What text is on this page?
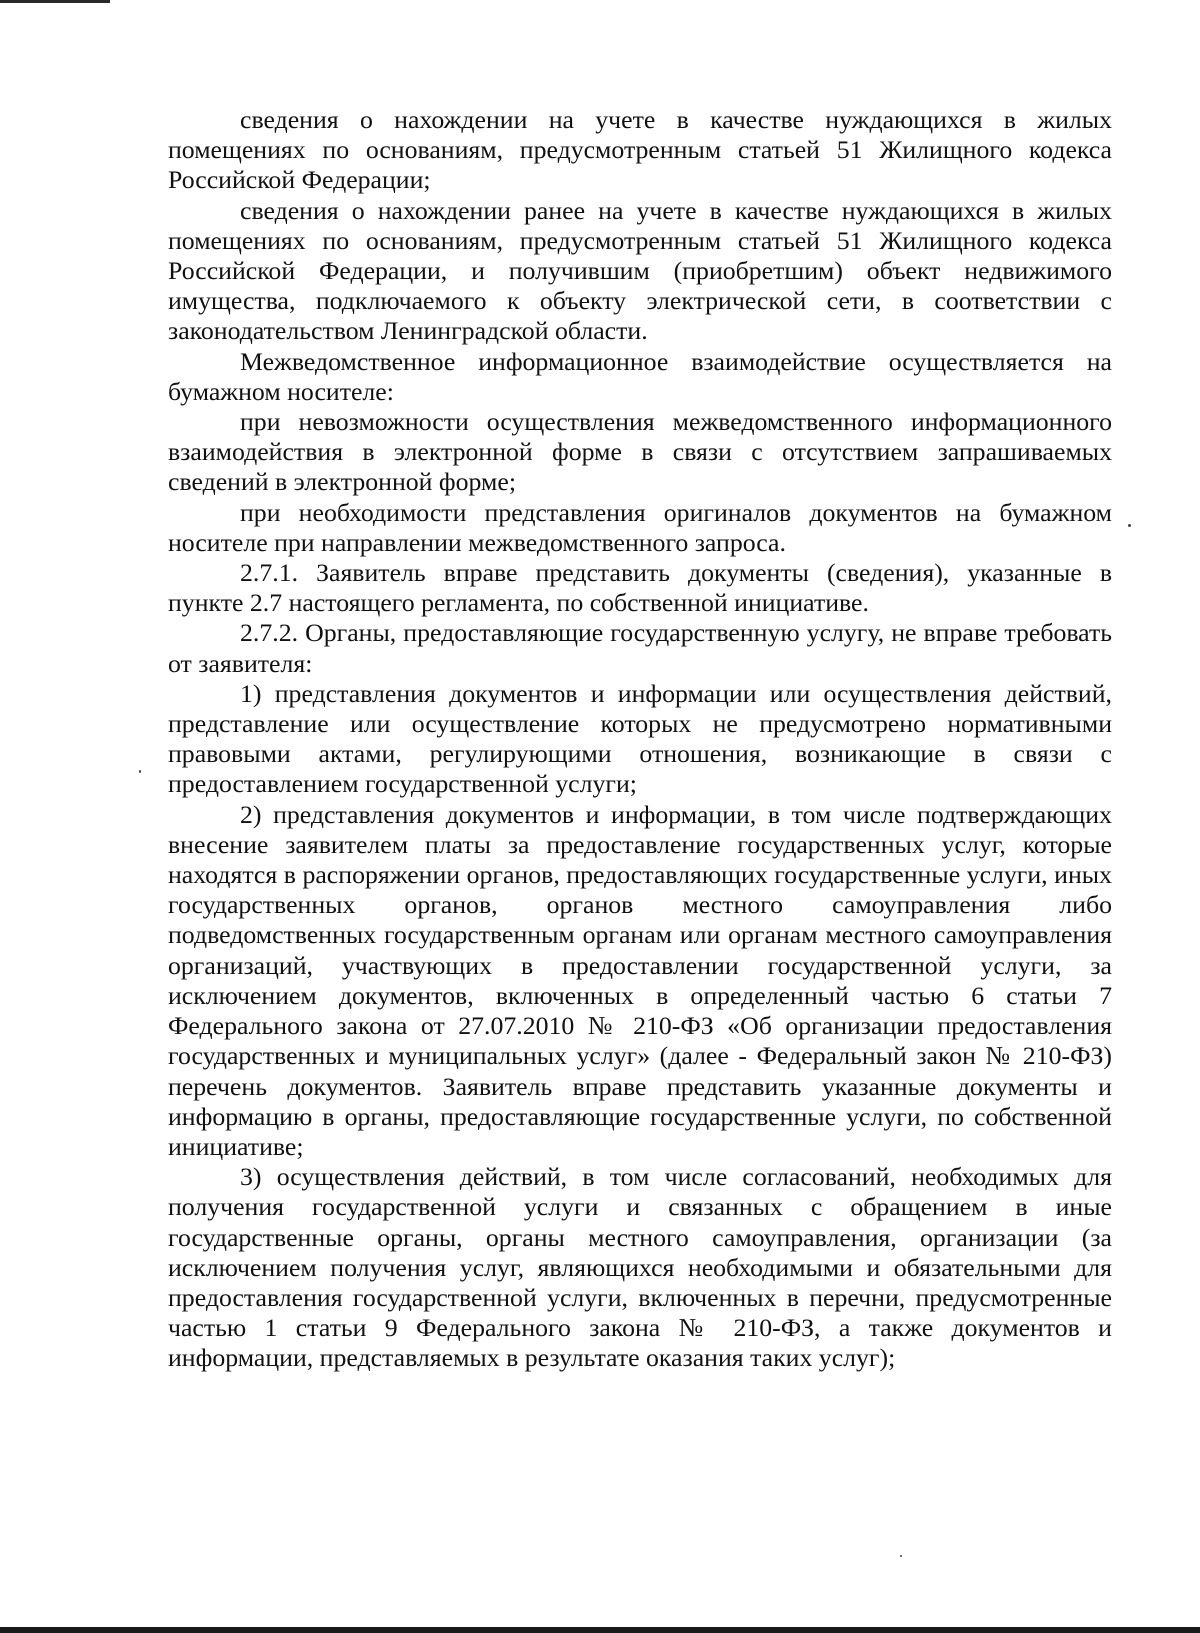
сведения о нахождении на учете в качестве нуждающихся в жилых помещениях по основаниям, предусмотренным статьей 51 Жилищного кодекса Российской Федерации;

сведения о нахождении ранее на учете в качестве нуждающихся в жилых помещениях по основаниям, предусмотренным статьей 51 Жилищного кодекса Российской Федерации, и получившим (приобретшим) объект недвижимого имущества, подключаемого к объекту электрической сети, в соответствии с законодательством Ленинградской области.

Межведомственное информационное взаимодействие осуществляется на бумажном носителе:

при невозможности осуществления межведомственного информационного взаимодействия в электронной форме в связи с отсутствием запрашиваемых сведений в электронной форме;

при необходимости представления оригиналов документов на бумажном носителе при направлении межведомственного запроса.

2.7.1. Заявитель вправе представить документы (сведения), указанные в пункте 2.7 настоящего регламента, по собственной инициативе.

2.7.2. Органы, предоставляющие государственную услугу, не вправе требовать от заявителя:

1) представления документов и информации или осуществления действий, представление или осуществление которых не предусмотрено нормативными правовыми актами, регулирующими отношения, возникающие в связи с предоставлением государственной услуги;

2) представления документов и информации, в том числе подтверждающих внесение заявителем платы за предоставление государственных услуг, которые находятся в распоряжении органов, предоставляющих государственные услуги, иных государственных органов, органов местного самоуправления либо подведомственных государственным органам или органам местного самоуправления организаций, участвующих в предоставлении государственной услуги, за исключением документов, включенных в определенный частью 6 статьи 7 Федерального закона от 27.07.2010 № 210-ФЗ «Об организации предоставления государственных и муниципальных услуг» (далее - Федеральный закон № 210-ФЗ) перечень документов. Заявитель вправе представить указанные документы и информацию в органы, предоставляющие государственные услуги, по собственной инициативе;

3) осуществления действий, в том числе согласований, необходимых для получения государственной услуги и связанных с обращением в иные государственные органы, органы местного самоуправления, организации (за исключением получения услуг, являющихся необходимыми и обязательными для предоставления государственной услуги, включенных в перечни, предусмотренные частью 1 статьи 9 Федерального закона № 210-ФЗ, а также документов и информации, представляемых в результате оказания таких услуг);
